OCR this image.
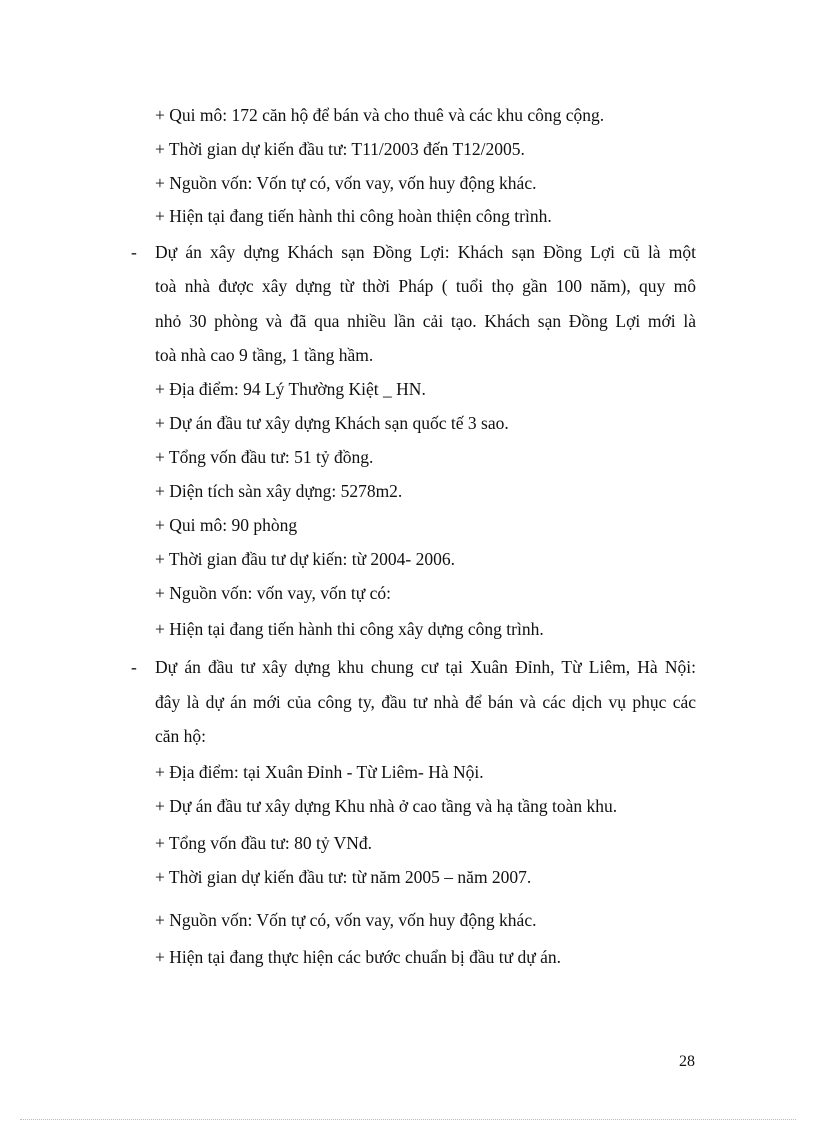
+ Qui mô: 172 căn hộ để bán và cho thuê và các khu công cộng.
+ Thời gian dự kiến đầu tư: T11/2003 đến T12/2005.
+ Nguồn vốn: Vốn tự có, vốn vay, vốn huy động khác.
+ Hiện tại đang tiến hành thi công hoàn thiện công trình.
- Dự án xây dựng Khách sạn Đồng Lợi: Khách sạn Đồng Lợi cũ là một
toà nhà được xây dựng từ thời Pháp ( tuổi thọ gần 100 năm), quy mô
nhỏ 30 phòng và đã qua nhiều lần cải tạo. Khách sạn Đồng Lợi mới là
toà nhà cao 9 tầng, 1 tầng hầm.
+ Địa điểm: 94 Lý Thường Kiệt _ HN.
+ Dự án đầu tư xây dựng Khách sạn quốc tế 3 sao.
+ Tổng vốn đầu tư: 51 tỷ đồng.
+ Diện tích sàn xây dựng: 5278m2.
+ Qui mô: 90 phòng
+ Thời gian đầu tư dự kiến: từ 2004- 2006.
+ Nguồn vốn: vốn vay, vốn tự có:
+ Hiện tại đang tiến hành thi công xây dựng công trình.
- Dự án đầu tư xây dựng khu chung cư tại Xuân Đỉnh, Từ Liêm, Hà Nội:
đây là dự án mới của công ty, đầu tư nhà để bán và các dịch vụ phục các
căn hộ:
+ Địa điểm: tại Xuân Đỉnh - Từ Liêm- Hà Nội.
+ Dự án đầu tư xây dựng Khu nhà ở cao tầng và hạ tầng toàn khu.
+ Tổng vốn đầu tư: 80 tỷ VNđ.
+ Thời gian dự kiến đầu tư: từ năm 2005 – năm 2007.
+ Nguồn vốn: Vốn tự có, vốn vay, vốn huy động khác.
+ Hiện tại đang thực hiện các bước chuẩn bị đầu tư dự án.
28
